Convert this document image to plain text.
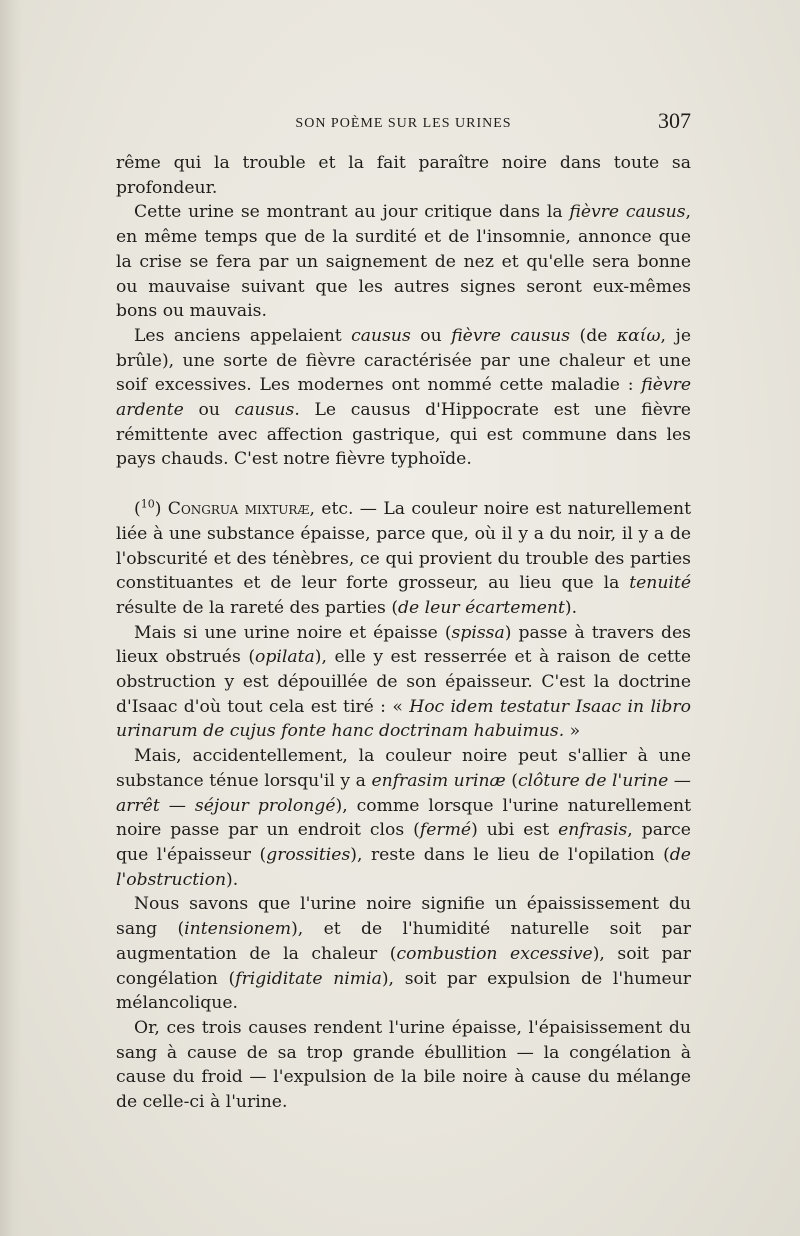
SON POÈME SUR LES URINES	307

rême qui la trouble et la fait paraître noire dans toute sa profondeur.

Cette urine se montrant au jour critique dans la fièvre causus, en même temps que de la surdité et de l'insomnie, annonce que la crise se fera par un saignement de nez et qu'elle sera bonne ou mauvaise suivant que les autres signes seront eux-mêmes bons ou mauvais.

Les anciens appelaient causus ou fièvre causus (de καίω, je brûle), une sorte de fièvre caractérisée par une chaleur et une soif excessives. Les modernes ont nommé cette maladie : fièvre ardente ou causus. Le causus d'Hippocrate est une fièvre rémittente avec affection gastrique, qui est commune dans les pays chauds. C'est notre fièvre typhoïde.

($^{10}$) Congrua mixturæ, etc. — La couleur noire est naturellement liée à une substance épaisse, parce que, où il y a du noir, il y a de l'obscurité et des ténèbres, ce qui provient du trouble des parties constituantes et de leur forte grosseur, au lieu que la tenuité résulte de la rareté des parties (de leur écartement).

Mais si une urine noire et épaisse (spissa) passe à travers des lieux obstrués (opilata), elle y est resserrée et à raison de cette obstruction y est dépouillée de son épaisseur. C'est la doctrine d'Isaac d'où tout cela est tiré : « Hoc idem testatur Isaac in libro urinarum de cujus fonte hanc doctrinam habuimus. »

Mais, accidentellement, la couleur noire peut s'allier à une substance ténue lorsqu'il y a enfrasim urinæ (clôture de l'urine — arrêt — séjour prolongé), comme lorsque l'urine naturellement noire passe par un endroit clos (fermé) ubi est enfrasis, parce que l'épaisseur (grossities), reste dans le lieu de l'opilation (de l'obstruction).

Nous savons que l'urine noire signifie un épaississement du sang (intensionem), et de l'humidité naturelle soit par augmentation de la chaleur (combustion excessive), soit par congélation (frigiditate nimia), soit par expulsion de l'humeur mélancolique.

Or, ces trois causes rendent l'urine épaisse, l'épaisissement du sang à cause de sa trop grande ébullition — la congélation à cause du froid — l'expulsion de la bile noire à cause du mélange de celle-ci à l'urine.
